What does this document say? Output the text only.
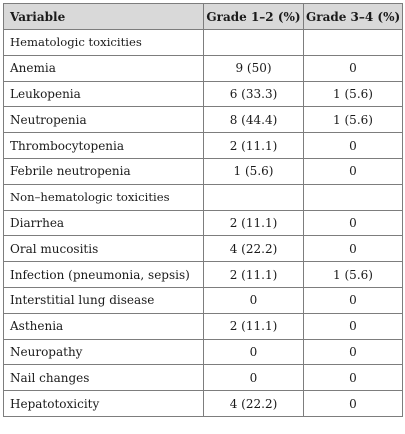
Variable	Grade 1–2 (%)	Grade 3–4 (%)
Hematologic toxicities		
Anemia	9 (50)	0
Leukopenia	6 (33.3)	1 (5.6)
Neutropenia	8 (44.4)	1 (5.6)
Thrombocytopenia	2 (11.1)	0
Febrile neutropenia	1 (5.6)	0
Non–hematologic toxicities		
Diarrhea	2 (11.1)	0
Oral mucositis	4 (22.2)	0
Infection (pneumonia, sepsis)	2 (11.1)	1 (5.6)
Interstitial lung disease	0	0
Asthenia	2 (11.1)	0
Neuropathy	0	0
Nail changes	0	0
Hepatotoxicity	4 (22.2)	0
